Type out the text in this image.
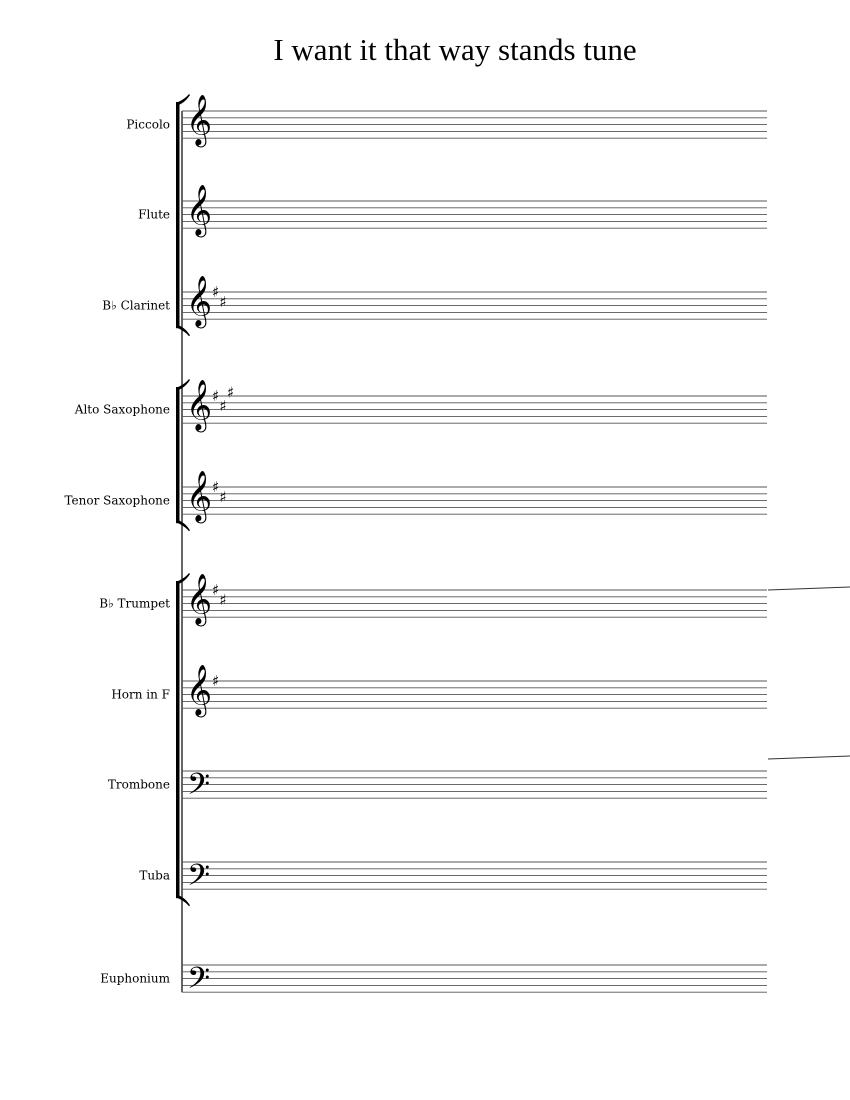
I want it that way stands tune
Piccolo 𝄞
Flute 𝄞
B♭ Clarinet 𝄞 ♯
♯
Alto Saxophone 𝄞 ♯
♯
♯
Tenor Saxophone 𝄞 ♯
♯
B♭ Trumpet 𝄞 ♯
♯
Horn in F 𝄞 ♯
Trombone 𝄢
Tuba 𝄢
Euphonium 𝄢
